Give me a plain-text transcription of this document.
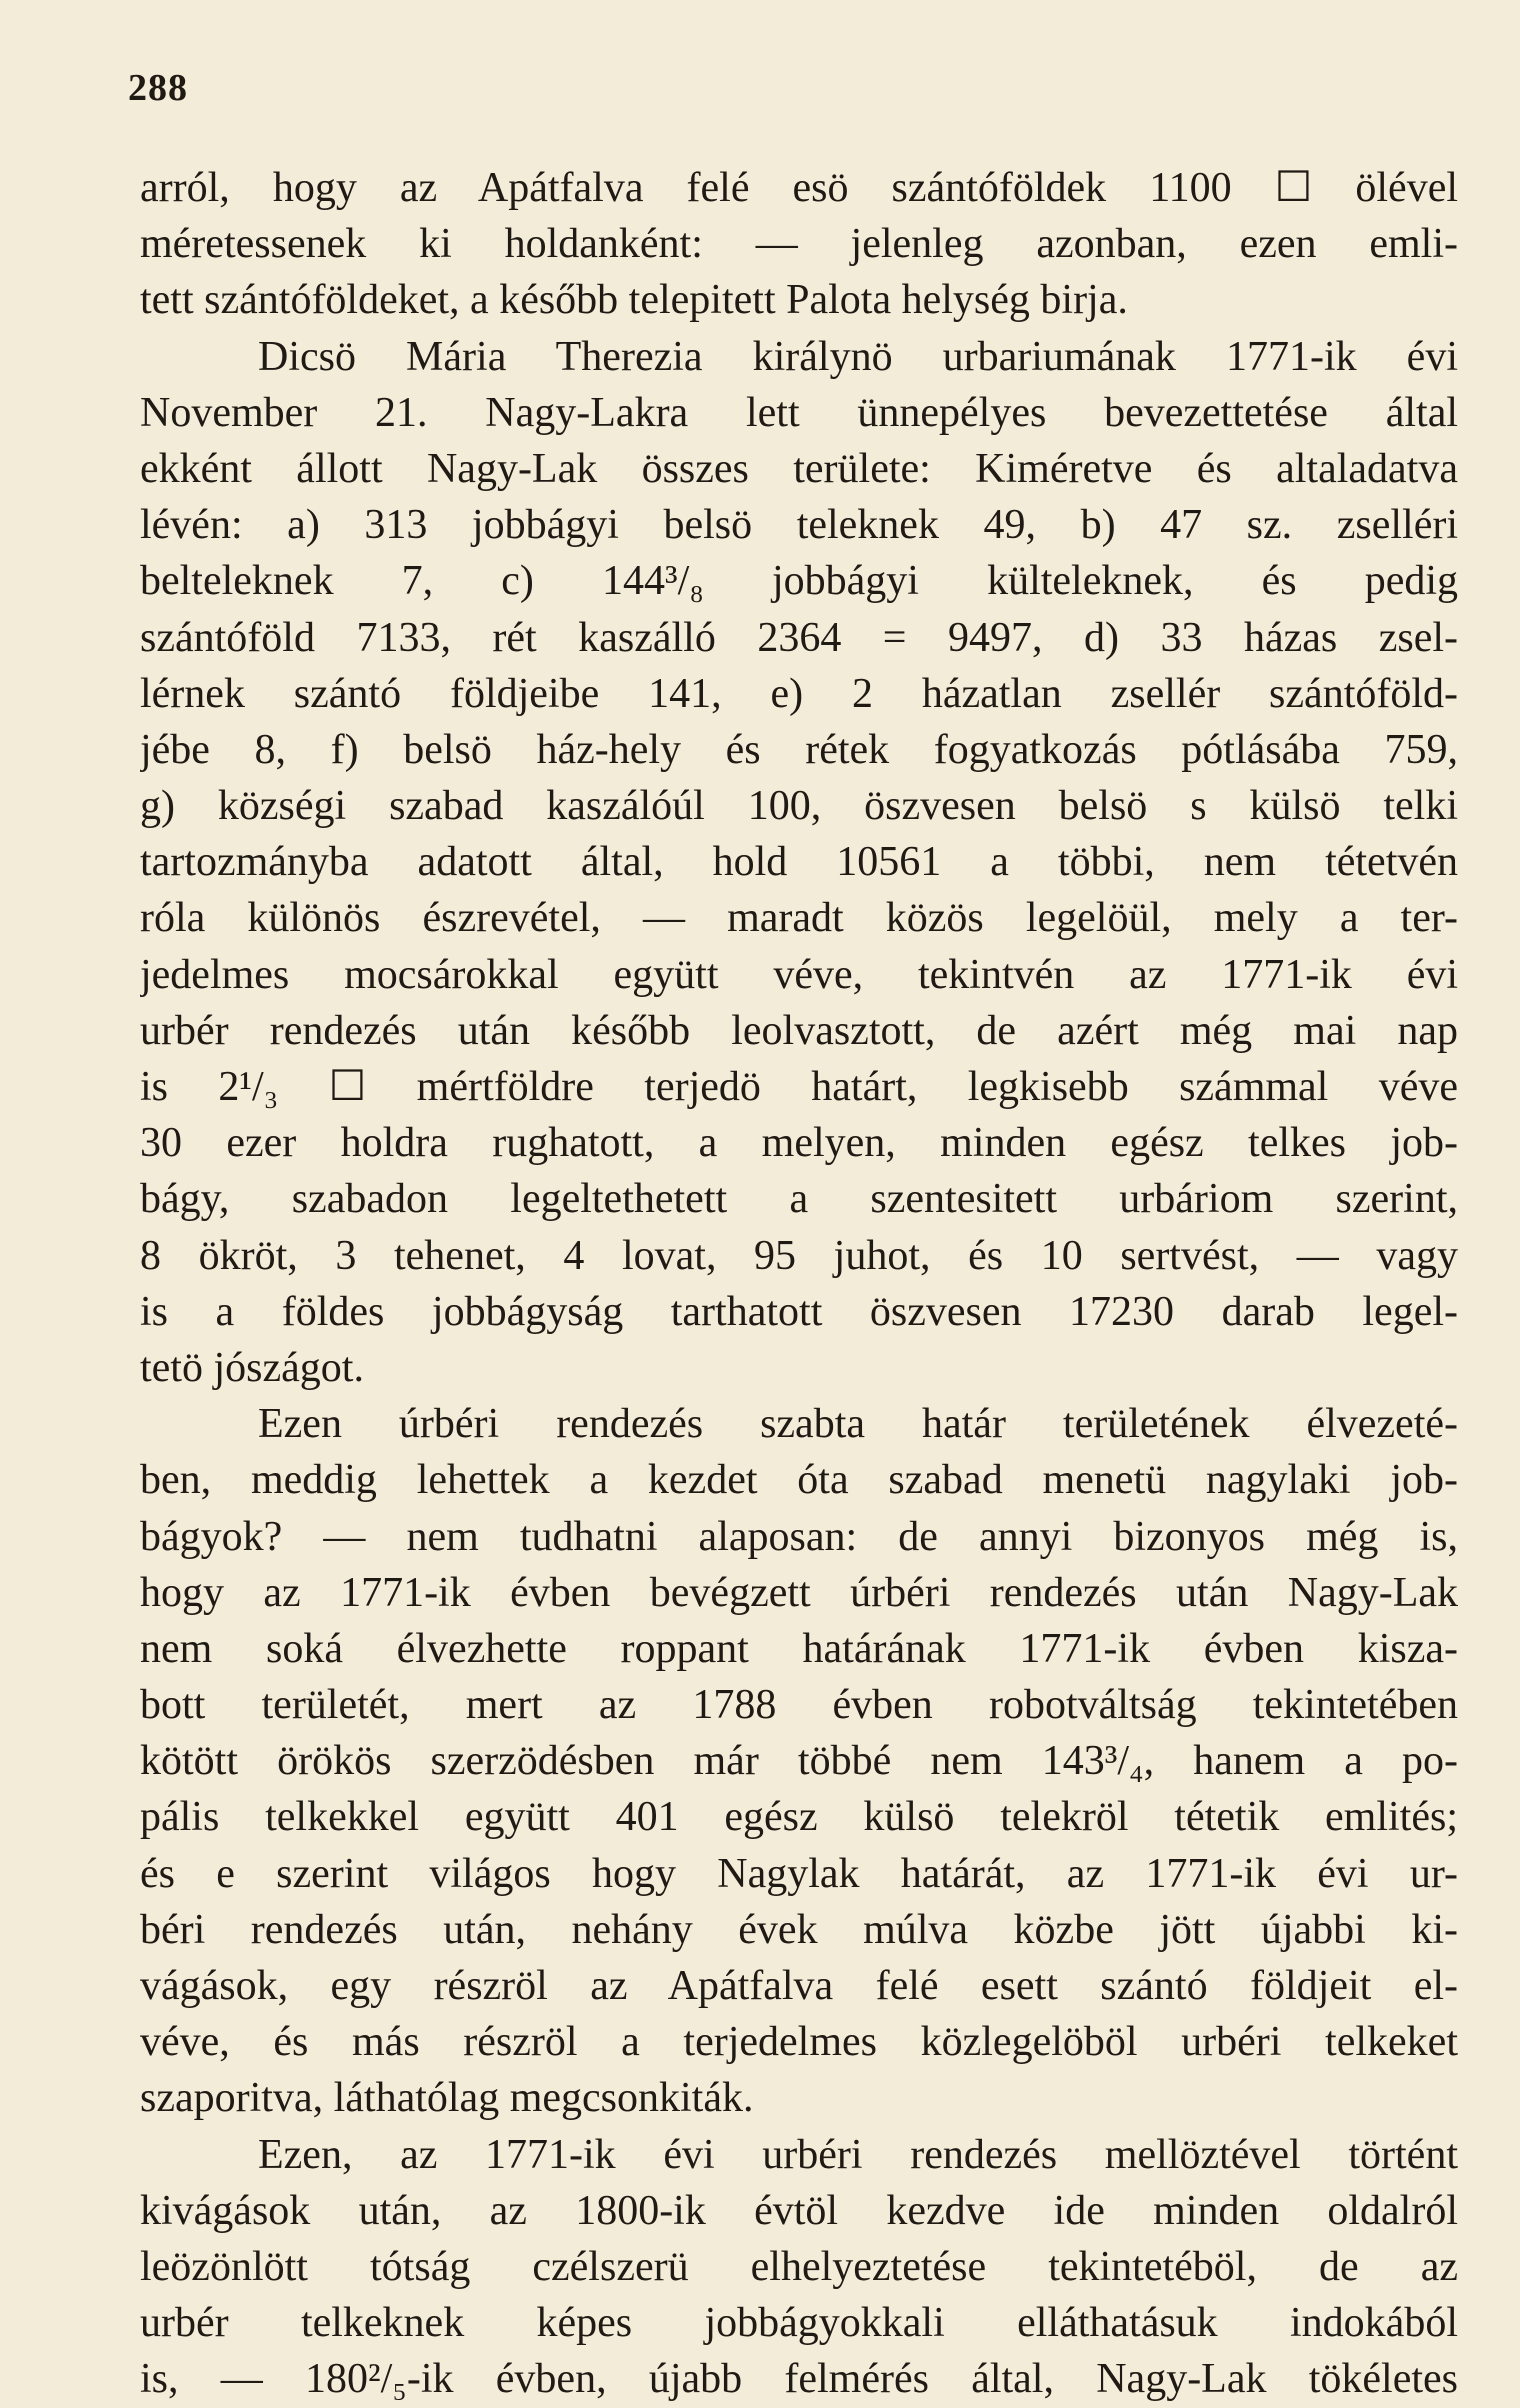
288
arról, hogy az Apátfalva felé esö szántóföldek 1100 ☐ ölével
méretessenek ki holdanként: — jelenleg azonban, ezen emli-
tett szántóföldeket, a később telepitett Palota helység birja.
Dicsö Mária Therezia királynö urbariumának 1771-ik évi
November 21. Nagy-Lakra lett ünnepélyes bevezettetése által
ekként állott Nagy-Lak összes területe: Kiméretve és altaladatva
lévén: a) 313 jobbágyi belsö teleknek 49, b) 47 sz. zselléri
belteleknek 7, c) 144³/₈ jobbágyi külteleknek, és pedig
szántóföld 7133, rét kaszálló 2364 = 9497, d) 33 házas zsel-
lérnek szántó földjeibe 141, e) 2 házatlan zsellér szántóföld-
jébe 8, f) belsö ház-hely és rétek fogyatkozás pótlásába 759,
g) községi szabad kaszálóúl 100, öszvesen belsö s külsö telki
tartozmányba adatott által, hold 10561 a többi, nem tétetvén
róla különös észrevétel, — maradt közös legelöül, mely a ter-
jedelmes mocsárokkal együtt véve, tekintvén az 1771-ik évi
urbér rendezés után később leolvasztott, de azért még mai nap
is 2¹/₃ ☐ mértföldre terjedö határt, legkisebb számmal véve
30 ezer holdra rughatott, a melyen, minden egész telkes job-
bágy, szabadon legeltethetett a szentesitett urbáriom szerint,
8 ökröt, 3 tehenet, 4 lovat, 95 juhot, és 10 sertvést, — vagy
is a földes jobbágyság tarthatott öszvesen 17230 darab legel-
tetö jószágot.
Ezen úrbéri rendezés szabta határ területének élvezeté-
ben, meddig lehettek a kezdet óta szabad menetü nagylaki job-
bágyok? — nem tudhatni alaposan: de annyi bizonyos még is,
hogy az 1771-ik évben bevégzett úrbéri rendezés után Nagy-Lak
nem soká élvezhette roppant határának 1771-ik évben kisza-
bott területét, mert az 1788 évben robotváltság tekintetében
kötött örökös szerzödésben már többé nem 143³/₄, hanem a po-
pális telkekkel együtt 401 egész külsö telekröl tétetik emlités;
és e szerint világos hogy Nagylak határát, az 1771-ik évi ur-
béri rendezés után, nehány évek múlva közbe jött újabbi ki-
vágások, egy részröl az Apátfalva felé esett szántó földjeit el-
véve, és más részröl a terjedelmes közlegelöböl urbéri telkeket
szaporitva, láthatólag megcsonkiták.
Ezen, az 1771-ik évi urbéri rendezés mellöztével történt
kivágások után, az 1800-ik évtöl kezdve ide minden oldalról
leözönlött tótság czélszerü elhelyeztetése tekintetéböl, de az
urbér telkeknek képes jobbágyokkali elláthatásuk indokából
is, — 180²/₅-ik évben, újabb felmérés által, Nagy-Lak tökéletes
